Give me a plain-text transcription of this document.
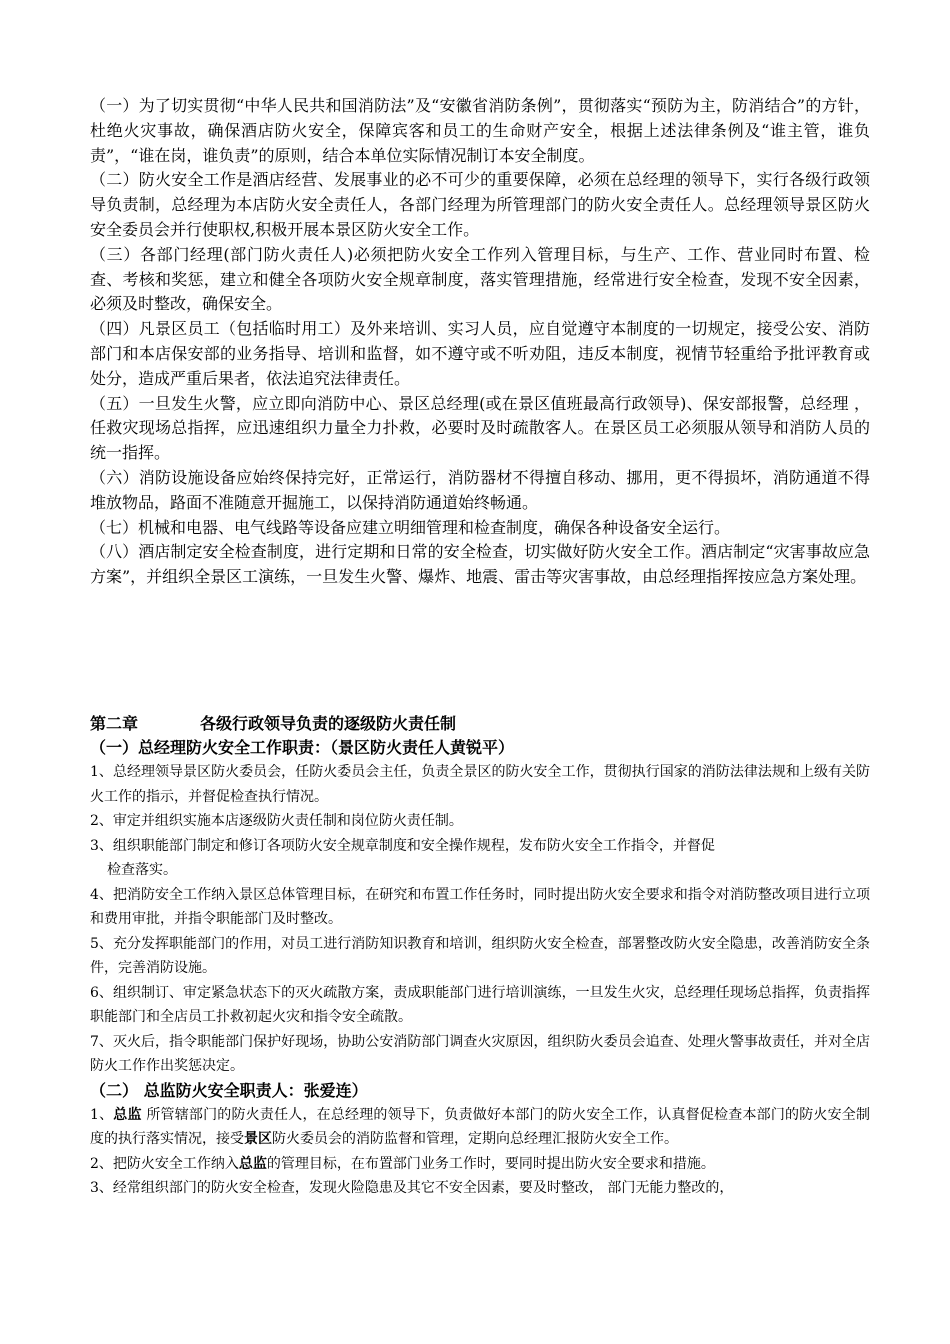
（一）为了切实贯彻“中华人民共和国消防法”及“安徽省消防条例”，贯彻落实“预防为主，防消结合”的方针，杜绝火灾事故，确保酒店防火安全，保障宾客和员工的生命财产安全，根据上述法律条例及“谁主管，谁负责”，“谁在岗，谁负责”的原则，结合本单位实际情况制订本安全制度。

（二）防火安全工作是酒店经营、发展事业的必不可少的重要保障，必须在总经理的领导下，实行各级行政领导负责制，总经理为本店防火安全责任人，各部门经理为所管理部门的防火安全责任人。总经理领导景区防火安全委员会并行使职权,积极开展本景区防火安全工作。

（三）各部门经理(部门防火责任人)必须把防火安全工作列入管理目标，与生产、工作、营业同时布置、检查、考核和奖惩，建立和健全各项防火安全规章制度，落实管理措施，经常进行安全检查，发现不安全因素，必须及时整改，确保安全。

（四）凡景区员工（包括临时用工）及外来培训、实习人员，应自觉遵守本制度的一切规定，接受公安、消防部门和本店保安部的业务指导、培训和监督，如不遵守或不听劝阻，违反本制度，视情节轻重给予批评教育或处分，造成严重后果者，依法追究法律责任。

（五）一旦发生火警，应立即向消防中心、景区总经理(或在景区值班最高行政领导)、保安部报警，总经理 ，任救灾现场总指挥，应迅速组织力量全力扑救，必要时及时疏散客人。在景区员工必须服从领导和消防人员的统一指挥。

（六）消防设施设备应始终保持完好，正常运行，消防器材不得擅自移动、挪用，更不得损坏，消防通道不得堆放物品，路面不准随意开掘施工，以保持消防通道始终畅通。

（七）机械和电器、电气线路等设备应建立明细管理和检查制度，确保各种设备安全运行。

（八）酒店制定安全检查制度，进行定期和日常的安全检查，切实做好防火安全工作。酒店制定“灾害事故应急方案”，并组织全景区工演练，一旦发生火警、爆炸、地震、雷击等灾害事故，由总经理指挥按应急方案处理。

第二章	各级行政领导负责的逐级防火责任制
（一）总经理防火安全工作职责：（景区防火责任人黄锐平）
1、总经理领导景区防火委员会，任防火委员会主任，负责全景区的防火安全工作，贯彻执行国家的消防法律法规和上级有关防火工作的指示，并督促检查执行情况。
2、审定并组织实施本店逐级防火责任制和岗位防火责任制。
3、组织职能部门制定和修订各项防火安全规章制度和安全操作规程，发布防火安全工作指令，并督促
检查落实。
4、把消防安全工作纳入景区总体管理目标，在研究和布置工作任务时，同时提出防火安全要求和指令对消防整改项目进行立项和费用审批，并指令职能部门及时整改。
5、充分发挥职能部门的作用，对员工进行消防知识教育和培训，组织防火安全检查，部署整改防火安全隐患，改善消防安全条件，完善消防设施。
6、组织制订、审定紧急状态下的灭火疏散方案，责成职能部门进行培训演练，一旦发生火灾，总经理任现场总指挥，负责指挥职能部门和全店员工扑救初起火灾和指令安全疏散。
7、灭火后，指令职能部门保护好现场，协助公安消防部门调查火灾原因，组织防火委员会追查、处理火警事故责任，并对全店防火工作作出奖惩决定。
（二） 总监防火安全职责人：张爱连）
1、总监 所管辖部门的防火责任人，在总经理的领导下，负责做好本部门的防火安全工作，认真督促检查本部门的防火安全制度的执行落实情况，接受景区防火委员会的消防监督和管理，定期向总经理汇报防火安全工作。
2、把防火安全工作纳入总监的管理目标，在布置部门业务工作时，要同时提出防火安全要求和措施。
3、经常组织部门的防火安全检查，发现火险隐患及其它不安全因素，要及时整改， 部门无能力整改的，
